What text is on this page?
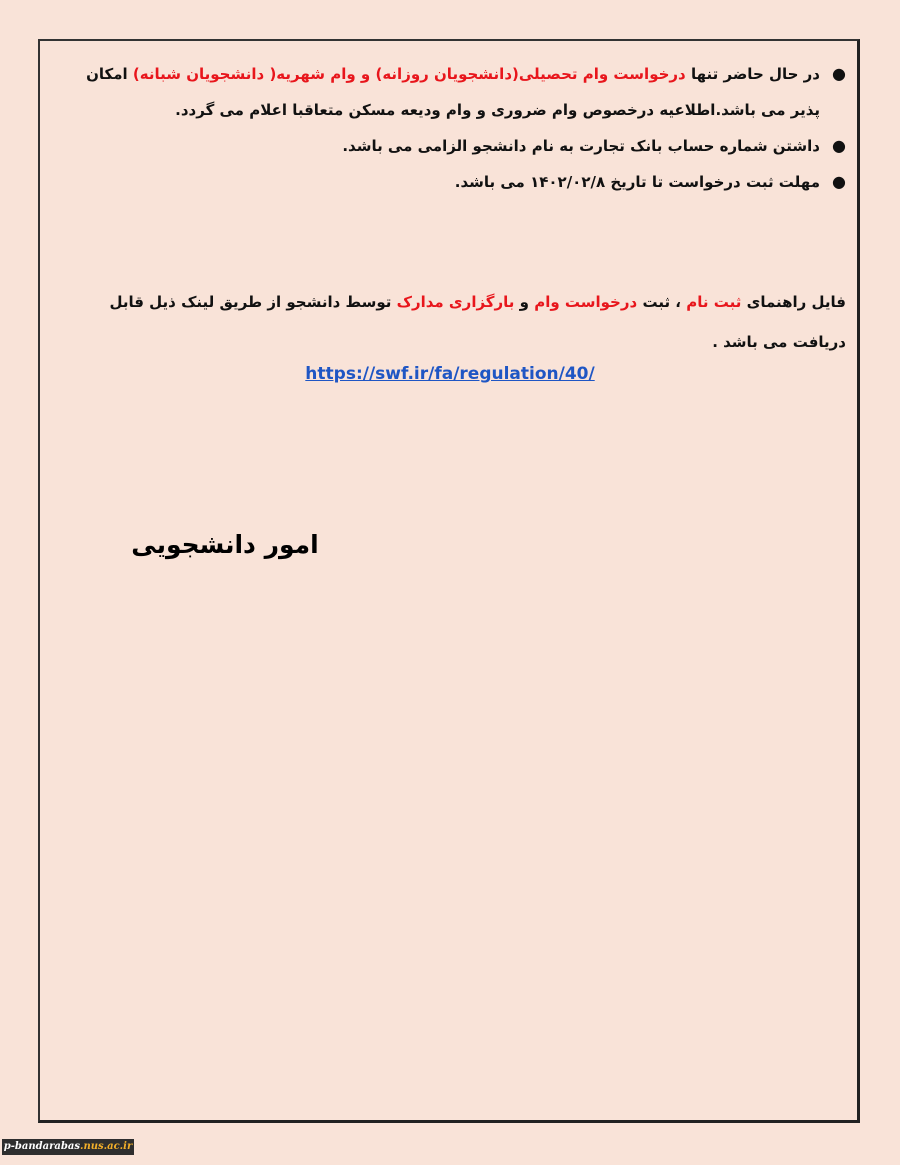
●
در حال حاضر تنها درخواست وام تحصیلی(دانشجویان روزانه) و وام شهریه( دانشجویان شبانه) امکان پذیر می باشد.اطلاعیه درخصوص وام ضروری و وام ودیعه مسکن متعاقبا اعلام می گردد.
●
داشتن شماره حساب بانک تجارت به نام دانشجو الزامی می باشد.
●
مهلت ثبت درخواست تا تاریخ ۱۴۰۲/۰۲/۸ می باشد.
فایل راهنمای ثبت نام ، ثبت درخواست وام و بارگزاری مدارک توسط دانشجو از طریق لینک ذیل قابل دریافت می باشد .
https://swf.ir/fa/regulation/40/
امور دانشجویی
p-bandarabas.nus.ac.ir
